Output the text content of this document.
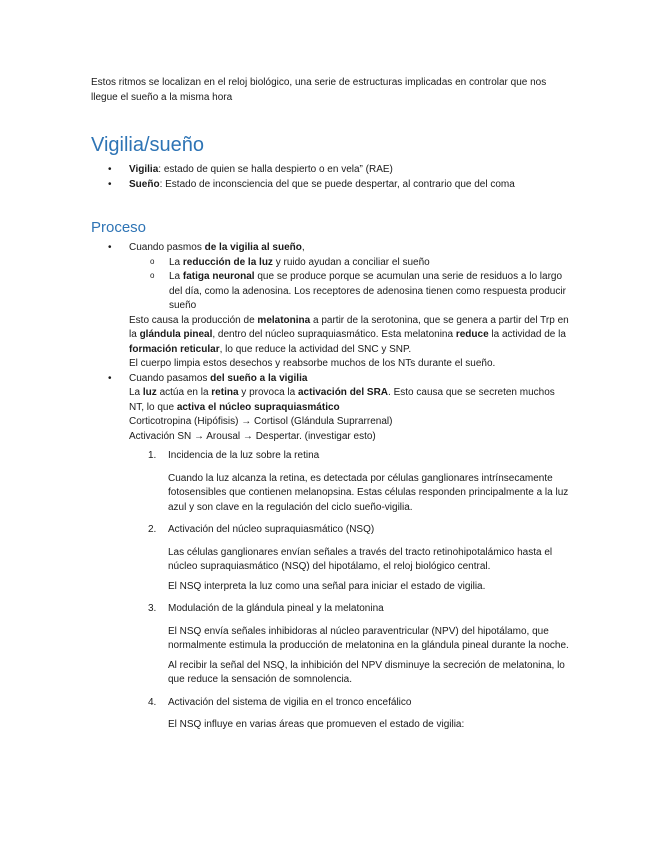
Estos ritmos se localizan en el reloj biológico, una serie de estructuras implicadas en controlar que nos llegue el sueño a la misma hora

Vigilia/sueño
• Vigilia: estado de quien se halla despierto o en vela” (RAE)
• Sueño: Estado de inconsciencia del que se puede despertar, al contrario que del coma
Proceso
• Cuando pasmos de la vigilia al sueño,
o La reducción de la luz y ruido ayudan a conciliar el sueño
o La fatiga neuronal que se produce porque se acumulan una serie de residuos a lo largo del día, como la adenosina. Los receptores de adenosina tienen como respuesta producir sueño

Esto causa la producción de melatonina a partir de la serotonina, que se genera a partir del Trp en la glándula pineal, dentro del núcleo supraquiasmático. Esta melatonina reduce la actividad de la formación reticular, lo que reduce la actividad del SNC y SNP.

El cuerpo limpia estos desechos y reabsorbe muchos de los NTs durante el sueño.

• Cuando pasamos del sueño a la vigilia

La luz actúa en la retina y provoca la activación del SRA. Esto causa que se secreten muchos NT, lo que activa el núcleo supraquiasmático

Corticotropina (Hipófisis) → Cortisol (Glándula Suprarrenal)

Activación SN → Arousal → Despertar. (investigar esto)

1. Incidencia de la luz sobre la retina

Cuando la luz alcanza la retina, es detectada por células ganglionares intrínsecamente fotosensibles que contienen melanopsina. Estas células responden principalmente a la luz azul y son clave en la regulación del ciclo sueño-vigilia.

2. Activación del núcleo supraquiasmático (NSQ)

Las células ganglionares envían señales a través del tracto retinohipotalámico hasta el núcleo supraquiasmático (NSQ) del hipotálamo, el reloj biológico central.

El NSQ interpreta la luz como una señal para iniciar el estado de vigilia.

3. Modulación de la glándula pineal y la melatonina

El NSQ envía señales inhibidoras al núcleo paraventricular (NPV) del hipotálamo, que normalmente estimula la producción de melatonina en la glándula pineal durante la noche.

Al recibir la señal del NSQ, la inhibición del NPV disminuye la secreción de melatonina, lo que reduce la sensación de somnolencia.

4. Activación del sistema de vigilia en el tronco encefálico

El NSQ influye en varias áreas que promueven el estado de vigilia:
